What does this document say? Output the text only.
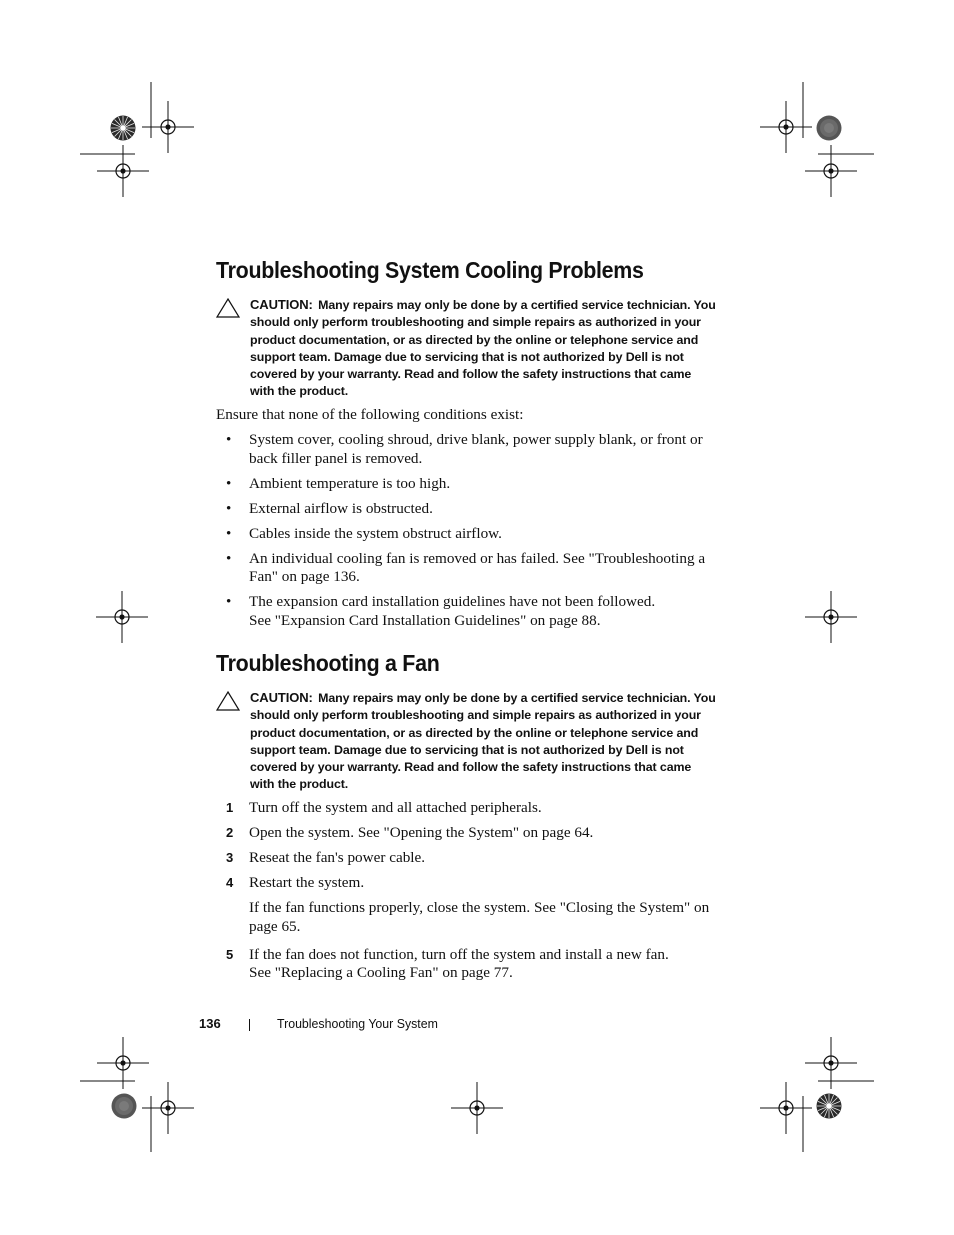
Troubleshooting System Cooling Problems
CAUTION: Many repairs may only be done by a certified service technician. You should only perform troubleshooting and simple repairs as authorized in your product documentation, or as directed by the online or telephone service and support team. Damage due to servicing that is not authorized by Dell is not covered by your warranty. Read and follow the safety instructions that came with the product.

Ensure that none of the following conditions exist:

• System cover, cooling shroud, drive blank, power supply blank, or front or

back filler panel is removed.

• Ambient temperature is too high.

• External airflow is obstructed.

• Cables inside the system obstruct airflow.

• An individual cooling fan is removed or has failed. See "Troubleshooting a

Fan" on page 136.

• The expansion card installation guidelines have not been followed.

See "Expansion Card Installation Guidelines" on page 88.

Troubleshooting a Fan
CAUTION: Many repairs may only be done by a certified service technician. You should only perform troubleshooting and simple repairs as authorized in your product documentation, or as directed by the online or telephone service and support team. Damage due to servicing that is not authorized by Dell is not covered by your warranty. Read and follow the safety instructions that came with the product.
1 Turn off the system and all attached peripherals.

2 Open the system. See "Opening the System" on page 64.

3 Reseat the fan's power cable.

4 Restart the system.

If the fan functions properly, close the system. See "Closing the System" on

page 65.

5 If the fan does not function, turn off the system and install a new fan.

See "Replacing a Cooling Fan" on page 77.

136	Troubleshooting Your System
